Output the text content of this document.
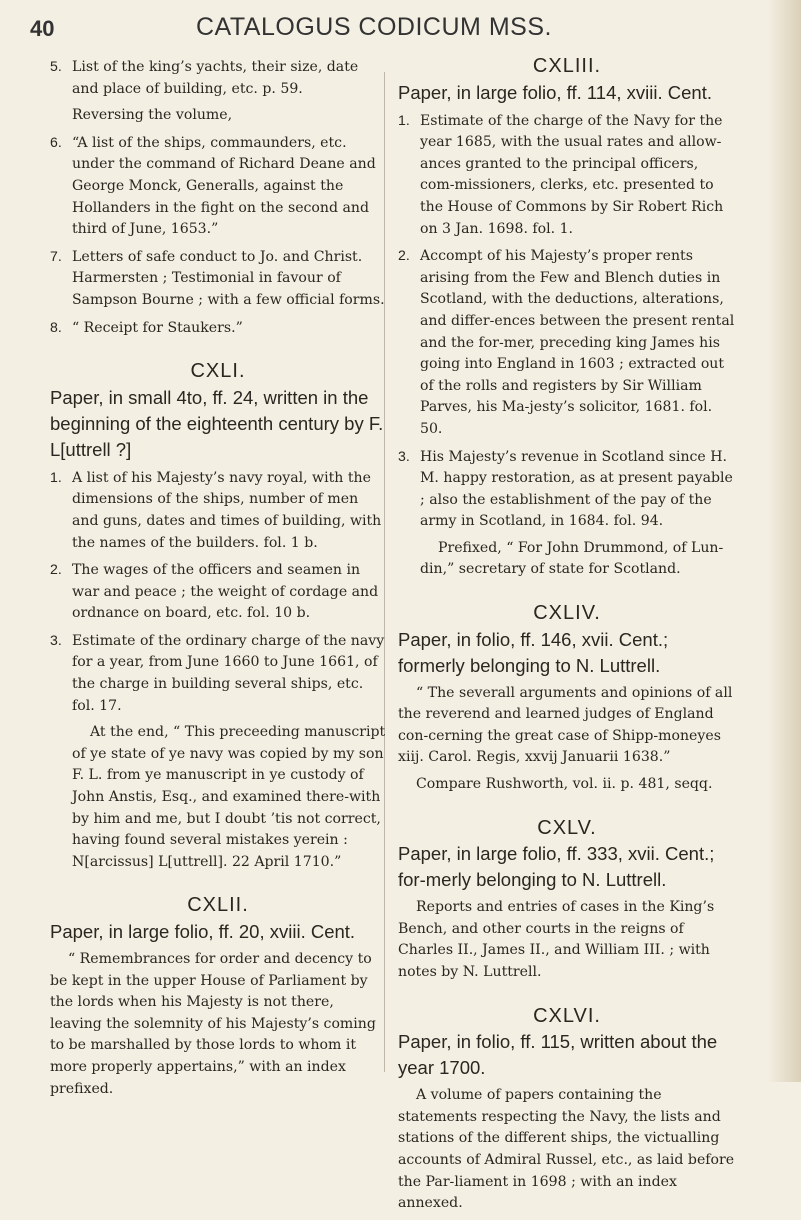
40	CATALOGUS CODICUM MSS.

5. List of the king’s yachts, their size, date and place of building, etc. p. 59.

Reversing the volume,

6. “A list of the ships, commaunders, etc. under the command of Richard Deane and George Monck, Generalls, against the Hollanders in the fight on the second and third of June, 1653.”

7. Letters of safe conduct to Jo. and Christ. Harmersten ; Testimonial in favour of Sampson Bourne ; with a few official forms.

8. “ Receipt for Staukers.”

CXLI.

Paper, in small 4to, ff. 24, written in the beginning of the eighteenth century by F. L[uttrell ?]

1. A list of his Majesty’s navy royal, with the dimensions of the ships, number of men and guns, dates and times of building, with the names of the builders. fol. 1 b.

2. The wages of the officers and seamen in war and peace ; the weight of cordage and ordnance on board, etc. fol. 10 b.

3. Estimate of the ordinary charge of the navy for a year, from June 1660 to June 1661, of the charge in building several ships, etc. fol. 17.

At the end, “ This preceeding manuscript of ye state of ye navy was copied by my son F. L. from ye manuscript in ye custody of John Anstis, Esq., and examined there-with by him and me, but I doubt ’tis not correct, having found several mistakes yerein : N[arcissus] L[uttrell]. 22 April 1710.”

CXLII.

Paper, in large folio, ff. 20, xviii. Cent.

“ Remembrances for order and decency to be kept in the upper House of Parliament by the lords when his Majesty is not there, leaving the solemnity of his Majesty’s coming to be marshalled by those lords to whom it more properly appertains,” with an index prefixed.

CXLIII.

Paper, in large folio, ff. 114, xviii. Cent.

1. Estimate of the charge of the Navy for the year 1685, with the usual rates and allow-ances granted to the principal officers, com-missioners, clerks, etc. presented to the House of Commons by Sir Robert Rich on 3 Jan. 1698. fol. 1.

2. Accompt of his Majesty’s proper rents arising from the Few and Blench duties in Scotland, with the deductions, alterations, and differ-ences between the present rental and the for-mer, preceding king James his going into England in 1603 ; extracted out of the rolls and registers by Sir William Parves, his Ma-jesty’s solicitor, 1681. fol. 50.

3. His Majesty’s revenue in Scotland since H. M. happy restoration, as at present payable ; also the establishment of the pay of the army in Scotland, in 1684. fol. 94.

Prefixed, “ For John Drummond, of Lun-din,” secretary of state for Scotland.

CXLIV.

Paper, in folio, ff. 146, xvii. Cent.; formerly belonging to N. Luttrell.

“ The severall arguments and opinions of all the reverend and learned judges of England con-cerning the great case of Shipp-moneyes xiij. Carol. Regis, xxvij Januarii 1638.”

Compare Rushworth, vol. ii. p. 481, seqq.

CXLV.

Paper, in large folio, ff. 333, xvii. Cent.; for-merly belonging to N. Luttrell.

Reports and entries of cases in the King’s Bench, and other courts in the reigns of Charles II., James II., and William III. ; with notes by N. Luttrell.

CXLVI.

Paper, in folio, ff. 115, written about the year 1700.

A volume of papers containing the statements respecting the Navy, the lists and stations of the different ships, the victualling accounts of Admiral Russel, etc., as laid before the Par-liament in 1698 ; with an index annexed.
